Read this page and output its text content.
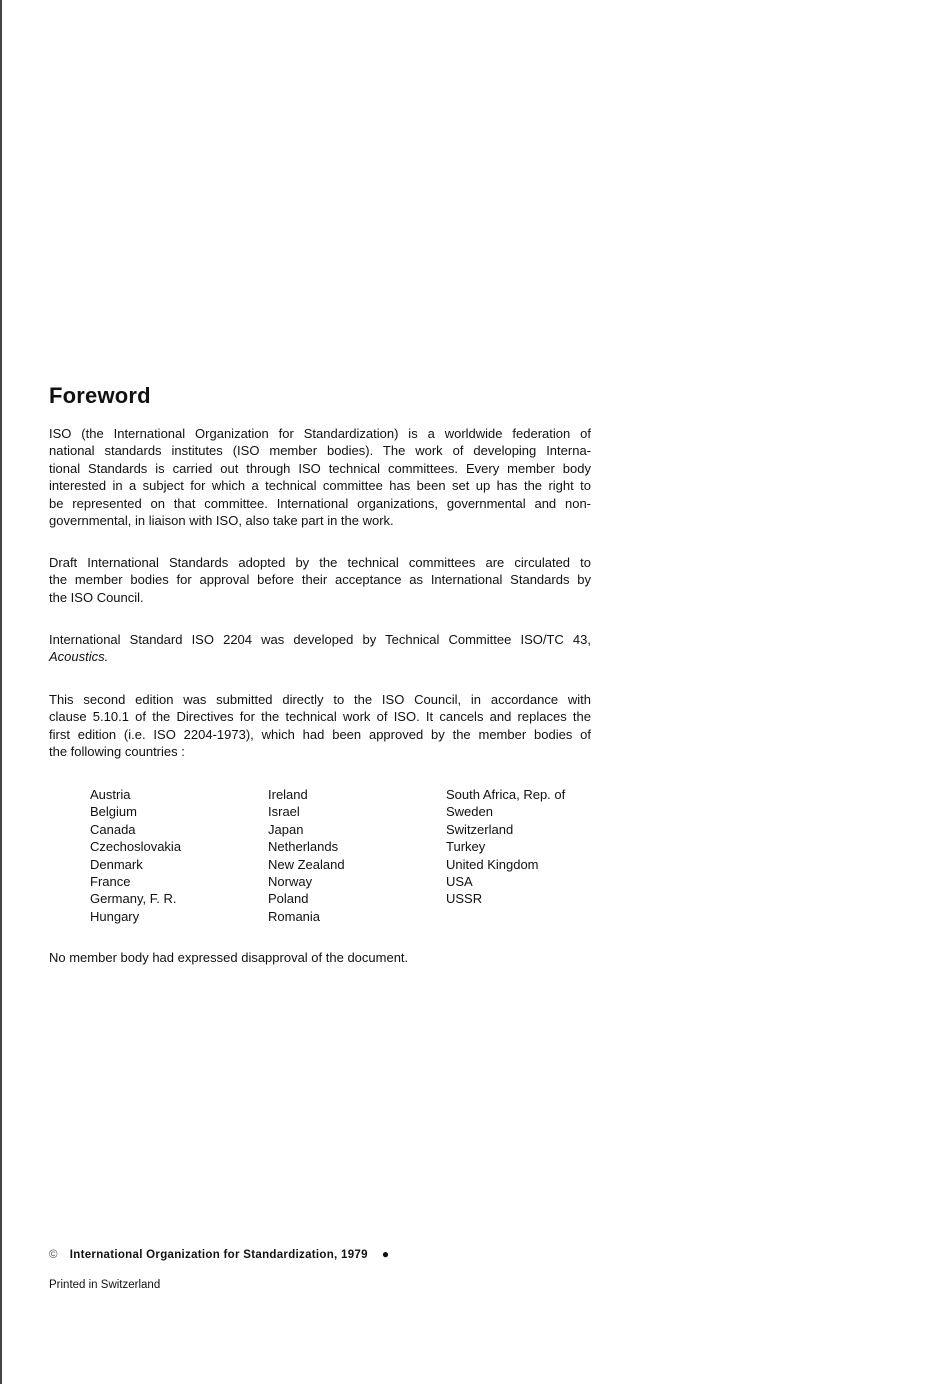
Foreword
ISO (the International Organization for Standardization) is a worldwide federation of
national standards institutes (ISO member bodies). The work of developing Interna-
tional Standards is carried out through ISO technical committees. Every member body
interested in a subject for which a technical committee has been set up has the right to
be represented on that committee. International organizations, governmental and non-
governmental, in liaison with ISO, also take part in the work.
Draft International Standards adopted by the technical committees are circulated to
the member bodies for approval before their acceptance as International Standards by
the ISO Council.
International Standard ISO 2204 was developed by Technical Committee ISO/TC 43,
Acoustics.
This second edition was submitted directly to the ISO Council, in accordance with
clause 5.10.1 of the Directives for the technical work of ISO. It cancels and replaces the
first edition (i.e. ISO 2204-1973), which had been approved by the member bodies of
the following countries :
Austria
Belgium
Canada
Czechoslovakia
Denmark
France
Germany, F. R.
Hungary
Ireland
Israel
Japan
Netherlands
New Zealand
Norway
Poland
Romania
South Africa, Rep. of
Sweden
Switzerland
Turkey
United Kingdom
USA
USSR
No member body had expressed disapproval of the document.
© International Organization for Standardization, 1979 ●
Printed in Switzerland
